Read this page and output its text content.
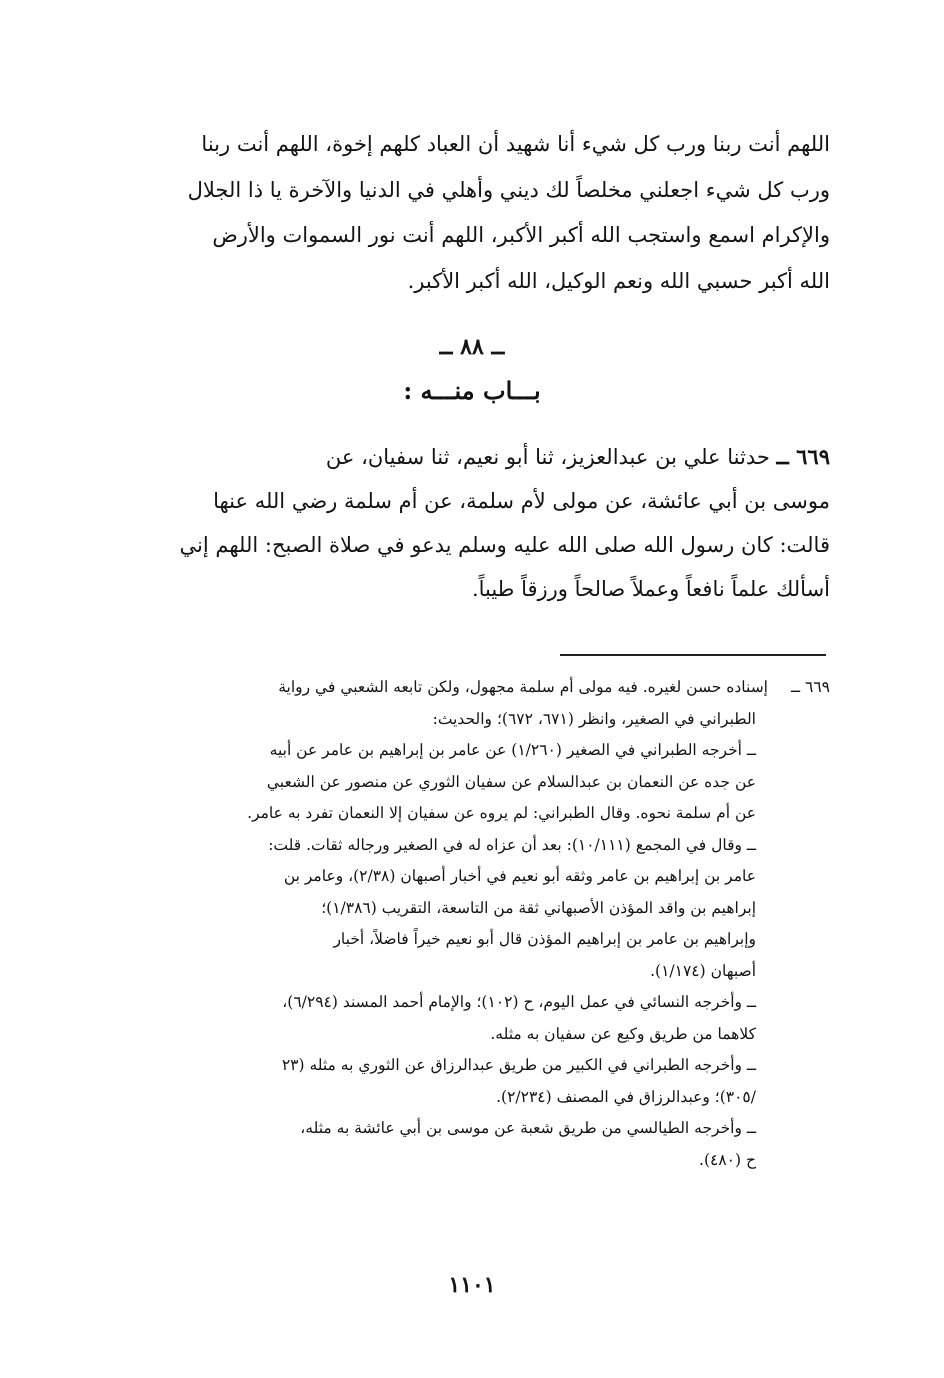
اللهم أنت ربنا ورب كل شيء أنا شهيد أن العباد كلهم إخوة، اللهم أنت ربنا
ورب كل شيء اجعلني مخلصاً لك ديني وأهلي في الدنيا والآخرة يا ذا الجلال
والإكرام اسمع واستجب الله أكبر الأكبر، اللهم أنت نور السموات والأرض
الله أكبر حسبي الله ونعم الوكيل، الله أكبر الأكبر.
ــ ٨٨ ــ
بـــاب منـــه :
٦٦٩ ــ حدثنا علي بن عبدالعزيز، ثنا أبو نعيم، ثنا سفيان، عن
موسى بن أبي عائشة، عن مولى لأم سلمة، عن أم سلمة رضي الله عنها
قالت: كان رسول الله صلى الله عليه وسلم يدعو في صلاة الصبح: اللهم إني
أسألك علماً نافعاً وعملاً صالحاً ورزقاً طيباً.
٦٦٩ ــإسناده حسن لغيره. فيه مولى أم سلمة مجهول، ولكن تابعه الشعبي في رواية
الطبراني في الصغير، وانظر (٦٧١، ٦٧٢)؛ والحديث:
ــ أخرجه الطبراني في الصغير (١/٢٦٠) عن عامر بن إبراهيم بن عامر عن أبيه
عن جده عن النعمان بن عبدالسلام عن سفيان الثوري عن منصور عن الشعبي
عن أم سلمة نحوه. وقال الطبراني: لم يروه عن سفيان إلا النعمان تفرد به عامر.
ــ وقال في المجمع (١٠/١١١): بعد أن عزاه له في الصغير ورجاله ثقات. قلت:
عامر بن إبراهيم بن عامر وثقه أبو نعيم في أخبار أصبهان (٢/٣٨)، وعامر بن
إبراهيم بن واقد المؤذن الأصبهاني ثقة من التاسعة، التقريب (١/٣٨٦)؛
وإبراهيم بن عامر بن إبراهيم المؤذن قال أبو نعيم خيراً فاضلاً، أخبار
أصبهان (١/١٧٤).
ــ وأخرجه النسائي في عمل اليوم، ح (١٠٢)؛ والإمام أحمد المسند (٦/٢٩٤)،
كلاهما من طريق وكيع عن سفيان به مثله.
ــ وأخرجه الطبراني في الكبير من طريق عبدالرزاق عن الثوري به مثله (٢٣
/٣٠٥)؛ وعبدالرزاق في المصنف (٢/٢٣٤).
ــ وأخرجه الطيالسي من طريق شعبة عن موسى بن أبي عائشة به مثله،
ح (٤٨٠).
١١٠١
